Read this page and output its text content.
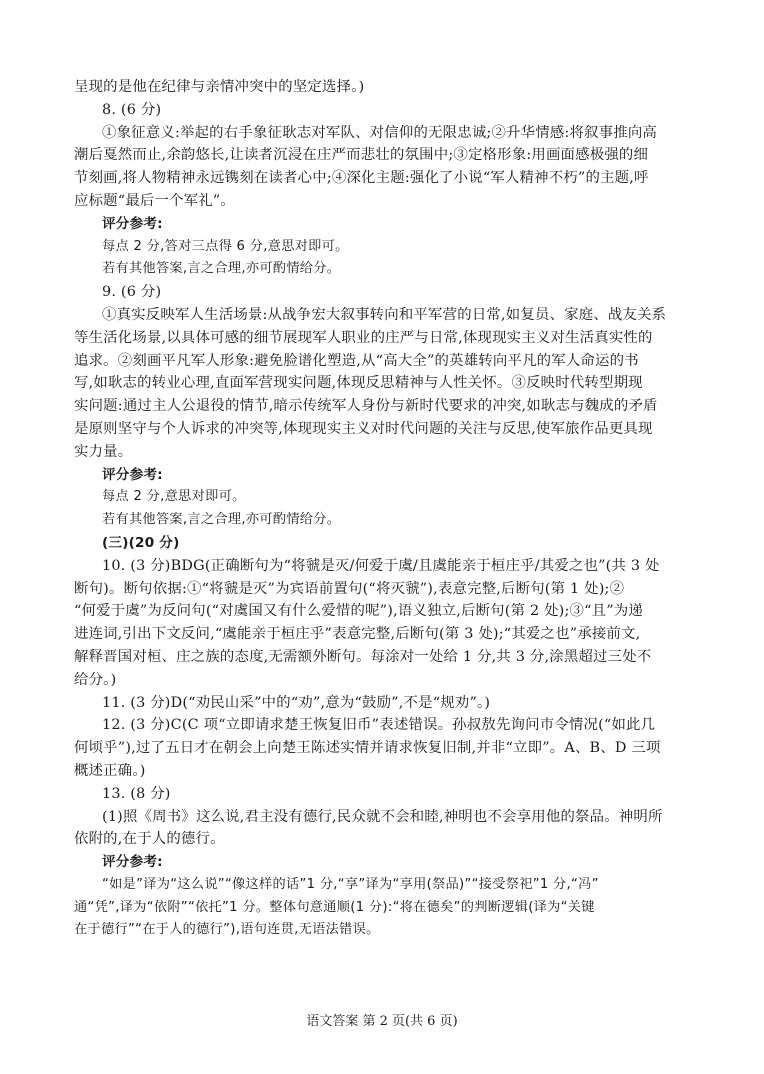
呈现的是他在纪律与亲情冲突中的坚定选择。)
8. (6 分)
①象征意义:举起的右手象征耿志对军队、对信仰的无限忠诚;②升华情感:将叙事推向高
潮后戛然而止,余韵悠长,让读者沉浸在庄严而悲壮的氛围中;③定格形象:用画面感极强的细
节刻画,将人物精神永远镌刻在读者心中;④深化主题:强化了小说“军人精神不朽”的主题,呼
应标题“最后一个军礼”。
评分参考:
每点 2 分,答对三点得 6 分,意思对即可。
若有其他答案,言之合理,亦可酌情给分。
9. (6 分)
①真实反映军人生活场景:从战争宏大叙事转向和平军营的日常,如复员、家庭、战友关系
等生活化场景,以具体可感的细节展现军人职业的庄严与日常,体现现实主义对生活真实性的
追求。②刻画平凡军人形象:避免脸谱化塑造,从“高大全”的英雄转向平凡的军人命运的书
写,如耿志的转业心理,直面军营现实问题,体现反思精神与人性关怀。③反映时代转型期现
实问题:通过主人公退役的情节,暗示传统军人身份与新时代要求的冲突,如耿志与魏成的矛盾
是原则坚守与个人诉求的冲突等,体现现实主义对时代问题的关注与反思,使军旅作品更具现
实力量。
评分参考:
每点 2 分,意思对即可。
若有其他答案,言之合理,亦可酌情给分。
(三)(20 分)
10. (3 分)BDG(正确断句为“将虢是灭/何爱于虞/且虞能亲于桓庄乎/其爱之也”(共 3 处
断句)。断句依据:①“将虢是灭”为宾语前置句(“将灭虢”),表意完整,后断句(第 1 处);②
“何爱于虞”为反问句(“对虞国又有什么爱惜的呢”),语义独立,后断句(第 2 处);③“且”为递
进连词,引出下文反问,“虞能亲于桓庄乎”表意完整,后断句(第 3 处);“其爱之也”承接前文,
解释晋国对桓、庄之族的态度,无需额外断句。每涂对一处给 1 分,共 3 分,涂黑超过三处不
给分。)
11. (3 分)D(“劝民山采”中的“劝”,意为“鼓励”,不是“规劝”。)
12. (3 分)C(C 项“立即请求楚王恢复旧币”表述错误。孙叔敖先询问市令情况(“如此几
何顷乎”),过了五日才在朝会上向楚王陈述实情并请求恢复旧制,并非“立即”。A、B、D 三项
概述正确。)
13. (8 分)
(1)照《周书》这么说,君主没有德行,民众就不会和睦,神明也不会享用他的祭品。神明所
依附的,在于人的德行。
评分参考:
“如是”译为“这么说”“像这样的话”1 分,“享”译为“享用(祭品)”“接受祭祀”1 分,“冯”
通“凭”,译为“依附”“依托”1 分。整体句意通顺(1 分):“将在德矣”的判断逻辑(译为“关键
在于德行”“在于人的德行”),语句连贯,无语法错误。
语文答案 第 2 页(共 6 页)
